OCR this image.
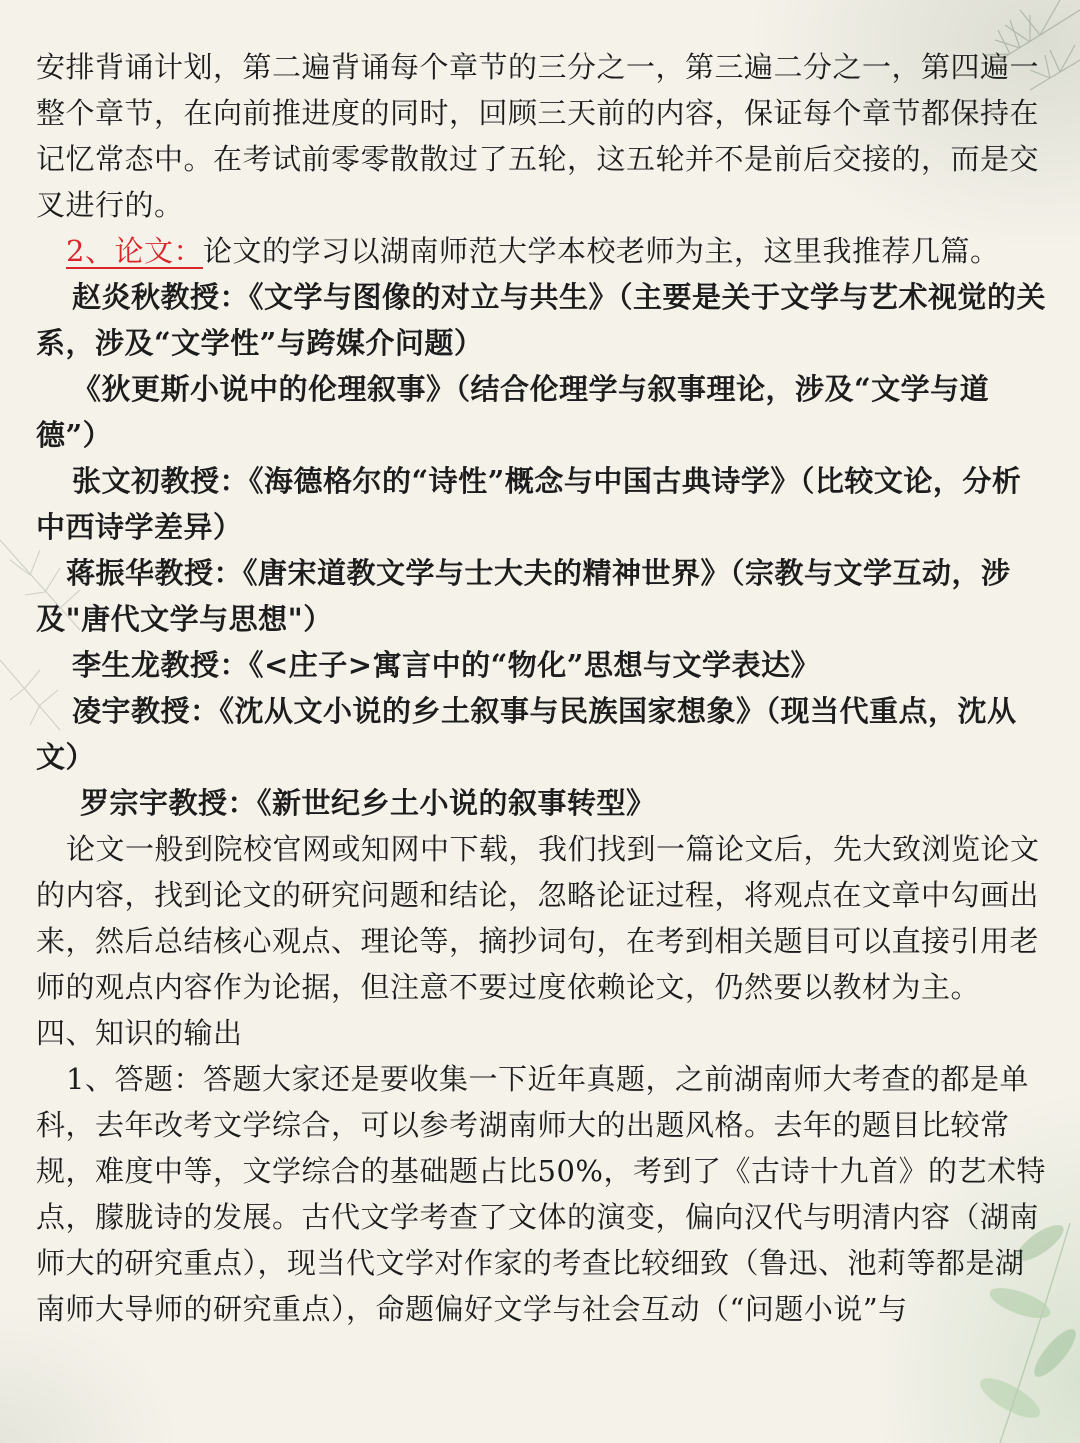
安排背诵计划，第二遍背诵每个章节的三分之一，第三遍二分之一，第四遍一整个章节，在向前推进度的同时，回顾三天前的内容，保证每个章节都保持在记忆常态中。在考试前零零散散过了五轮，这五轮并不是前后交接的，而是交叉进行的。

2、论文：论文的学习以湖南师范大学本校老师为主，这里我推荐几篇。

赵炎秋教授：《文学与图像的对立与共生》（主要是关于文学与艺术视觉的关系，涉及“文学性”与跨媒介问题）

《狄更斯小说中的伦理叙事》（结合伦理学与叙事理论，涉及“文学与道德”）

张文初教授：《海德格尔的“诗性”概念与中国古典诗学》（比较文论，分析中西诗学差异）

蒋振华教授：《唐宋道教文学与士大夫的精神世界》（宗教与文学互动，涉及"唐代文学与思想"）

李生龙教授：《<庄子>寓言中的“物化”思想与文学表达》

凌宇教授：《沈从文小说的乡土叙事与民族国家想象》（现当代重点，沈从文）

罗宗宇教授：《新世纪乡土小说的叙事转型》

论文一般到院校官网或知网中下载，我们找到一篇论文后，先大致浏览论文的内容，找到论文的研究问题和结论，忽略论证过程，将观点在文章中勾画出来，然后总结核心观点、理论等，摘抄词句，在考到相关题目可以直接引用老师的观点内容作为论据，但注意不要过度依赖论文，仍然要以教材为主。

四、知识的输出

1、答题：答题大家还是要收集一下近年真题，之前湖南师大考查的都是单科，去年改考文学综合，可以参考湖南师大的出题风格。去年的题目比较常规，难度中等，文学综合的基础题占比50%，考到了《古诗十九首》的艺术特点，朦胧诗的发展。古代文学考查了文体的演变，偏向汉代与明清内容（湖南师大的研究重点），现当代文学对作家的考查比较细致（鲁迅、池莉等都是湖南师大导师的研究重点），命题偏好文学与社会互动（“问题小说”与
